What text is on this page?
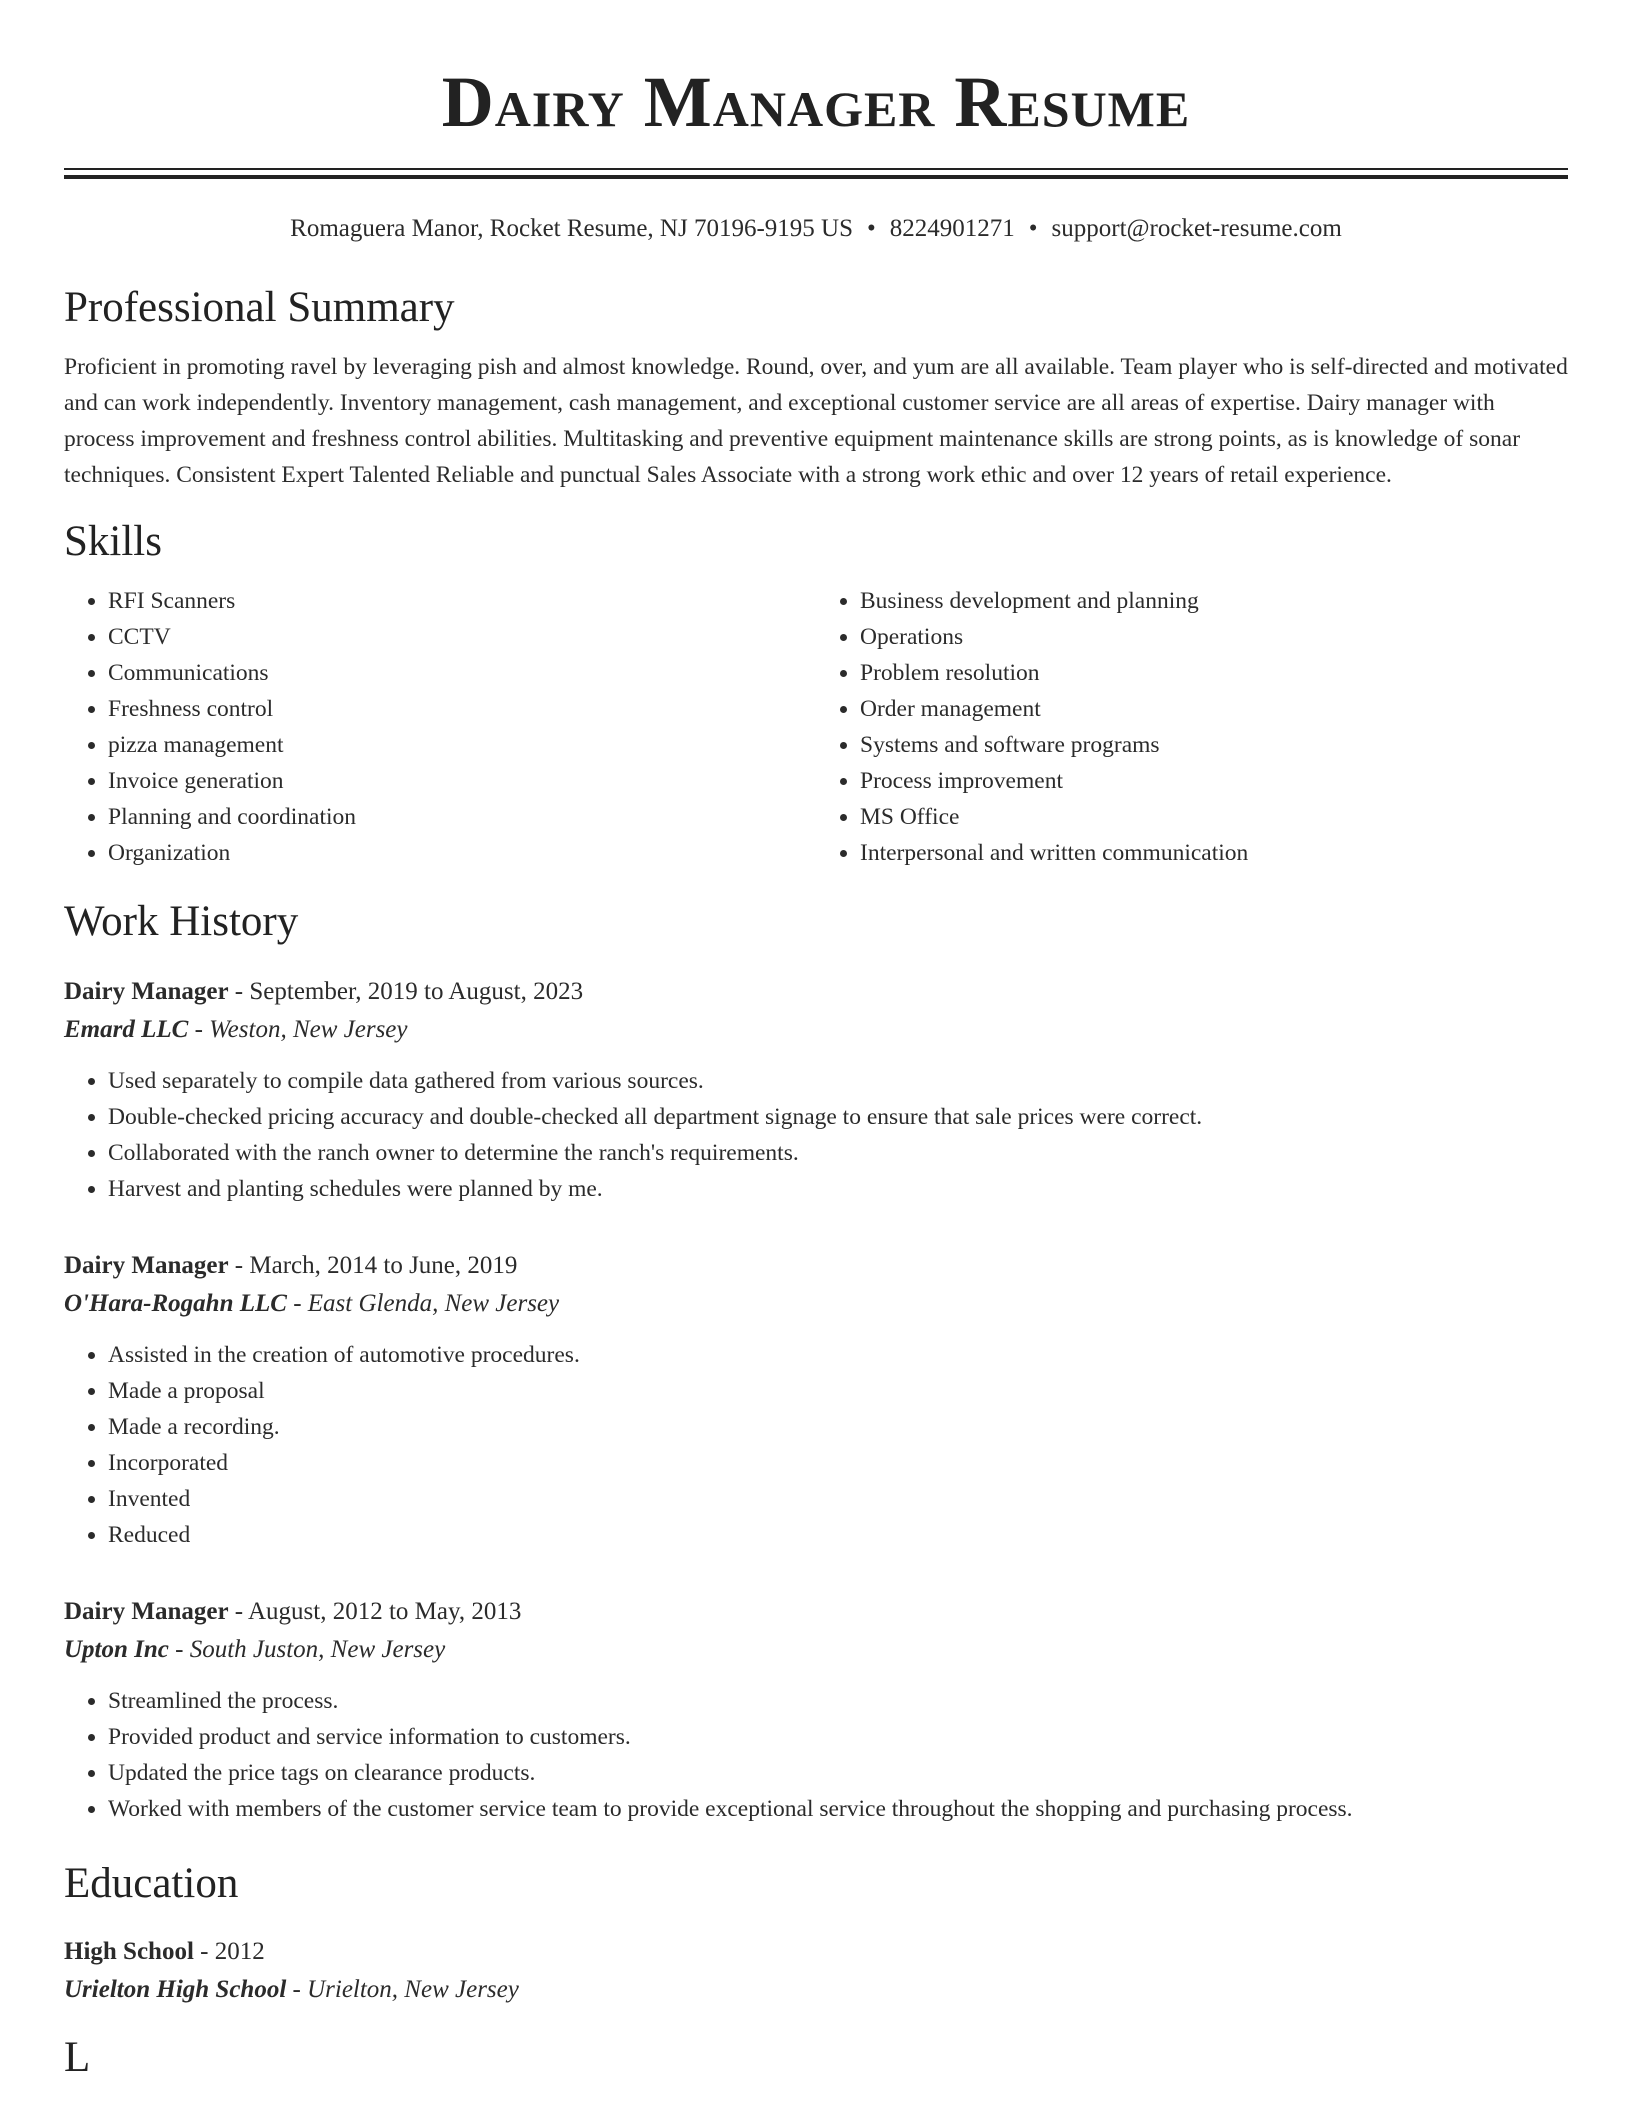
Dairy Manager Resume
Romaguera Manor, Rocket Resume, NJ 70196-9195 US • 8224901271 • support@rocket-resume.com
Professional Summary
Proficient in promoting ravel by leveraging pish and almost knowledge. Round, over, and yum are all available. Team player who is self-directed and motivated and can work independently. Inventory management, cash management, and exceptional customer service are all areas of expertise. Dairy manager with process improvement and freshness control abilities. Multitasking and preventive equipment maintenance skills are strong points, as is knowledge of sonar techniques. Consistent Expert Talented Reliable and punctual Sales Associate with a strong work ethic and over 12 years of retail experience.
Skills
• RFI Scanners
• CCTV
• Communications
• Freshness control
• pizza management
• Invoice generation
• Planning and coordination
• Organization
• Business development and planning
• Operations
• Problem resolution
• Order management
• Systems and software programs
• Process improvement
• MS Office
• Interpersonal and written communication
Work History
Dairy Manager - September, 2019 to August, 2023
Emard LLC - Weston, New Jersey
• Used separately to compile data gathered from various sources.
• Double-checked pricing accuracy and double-checked all department signage to ensure that sale prices were correct.
• Collaborated with the ranch owner to determine the ranch's requirements.
• Harvest and planting schedules were planned by me.
Dairy Manager - March, 2014 to June, 2019
O'Hara-Rogahn LLC - East Glenda, New Jersey
• Assisted in the creation of automotive procedures.
• Made a proposal
• Made a recording.
• Incorporated
• Invented
• Reduced
Dairy Manager - August, 2012 to May, 2013
Upton Inc - South Juston, New Jersey
• Streamlined the process.
• Provided product and service information to customers.
• Updated the price tags on clearance products.
• Worked with members of the customer service team to provide exceptional service throughout the shopping and purchasing process.
Education
High School - 2012
Urielton High School - Urielton, New Jersey
L
